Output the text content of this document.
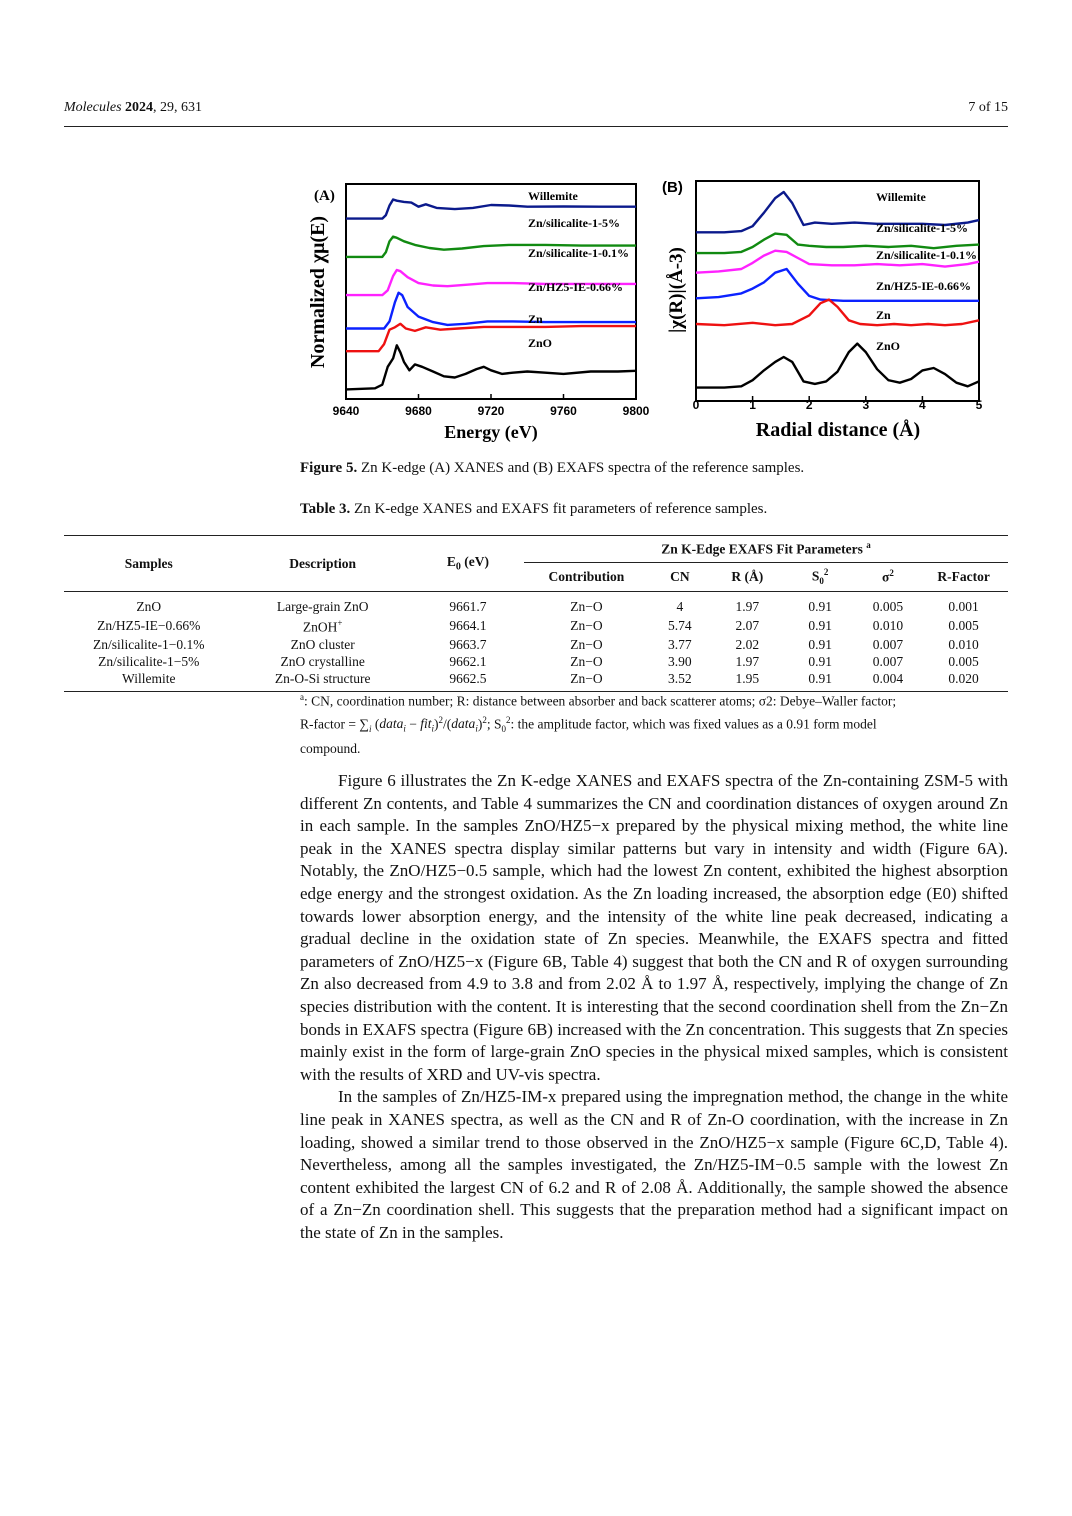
Molecules 2024, 29, 631	7 of 15
(A)	Willemite
Zn/silicalite-1-5%
Zn/silicalite-1-0.1%
Zn/HZ5-IE-0.66%
Zn
ZnO
9640	9680	9720	9760	9800
Energy (eV)
Normalized χμ(E)
(B)
Willemite
Zn/silicalite-1-5%
Zn/silicalite-1-0.1%
Zn/HZ5-IE-0.66%
Zn
ZnO
0	1	2	3	4	5
Radial distance (Å)
|χ(R)|(Å-3)
Figure 5. Zn K-edge (A) XANES and (B) EXAFS spectra of the reference samples.
Table 3. Zn K-edge XANES and EXAFS fit parameters of reference samples.
Samples	Description	$E_0$ (eV)	Zn K-Edge EXAFS Fit Parameters $^a$
			Contribution	CN	R (Å)	$S_0^2$	$\sigma^2$	R-Factor

ZnO	Large-grain ZnO	9661.7	Zn−O	4	1.97	0.91	0.005	0.001
Zn/HZ5-IE−0.66%	ZnOH+	9664.1	Zn−O	5.74	2.07	0.91	0.010	0.005
Zn/silicalite-1−0.1%	ZnO cluster	9663.7	Zn−O	3.77	2.02	0.91	0.007	0.010
Zn/silicalite-1−5%	ZnO crystalline	9662.1	Zn−O	3.90	1.97	0.91	0.007	0.005
Willemite	Zn-O-Si structure	9662.5	Zn−O	3.52	1.95	0.91	0.004	0.020

$^a$: CN, coordination number; R: distance between absorber and back scatterer atoms; σ2: Debye–Waller factor;
R-factor = $\sum_i$ (data$_i$ − fit$_i$)$^2$/(data$_i$)$^2$; $S_0^2$: the amplitude factor, which was fixed values as a 0.91 form model
compound.

Figure 6 illustrates the Zn K-edge XANES and EXAFS spectra of the Zn-containing ZSM-5 with different Zn contents, and Table 4 summarizes the CN and coordination distances of oxygen around Zn in each sample. In the samples ZnO/HZ5−x prepared by the physical mixing method, the white line peak in the XANES spectra display similar patterns but vary in intensity and width (Figure 6A). Notably, the ZnO/HZ5−0.5 sample, which had the lowest Zn content, exhibited the highest absorption edge energy and the strongest oxidation. As the Zn loading increased, the absorption edge (E0) shifted towards lower absorption energy, and the intensity of the white line peak decreased, indicating a gradual decline in the oxidation state of Zn species. Meanwhile, the EXAFS spectra and fitted parameters of ZnO/HZ5−x (Figure 6B, Table 4) suggest that both the CN and R of oxygen surrounding Zn also decreased from 4.9 to 3.8 and from 2.02 Å to 1.97 Å, respectively, implying the change of Zn species distribution with the content. It is interesting that the second coordination shell from the Zn−Zn bonds in EXAFS spectra (Figure 6B) increased with the Zn concentration. This suggests that Zn species mainly exist in the form of large-grain ZnO species in the physical mixed samples, which is consistent with the results of XRD and UV-vis spectra.

In the samples of Zn/HZ5-IM-x prepared using the impregnation method, the change in the white line peak in XANES spectra, as well as the CN and R of Zn-O coordination, with the increase in Zn loading, showed a similar trend to those observed in the ZnO/HZ5−x sample (Figure 6C,D, Table 4). Nevertheless, among all the samples investigated, the Zn/HZ5-IM−0.5 sample with the lowest Zn content exhibited the largest CN of 6.2 and R of 2.08 Å. Additionally, the sample showed the absence of a Zn−Zn coordination shell. This suggests that the preparation method had a significant impact on the state of Zn in the samples.
